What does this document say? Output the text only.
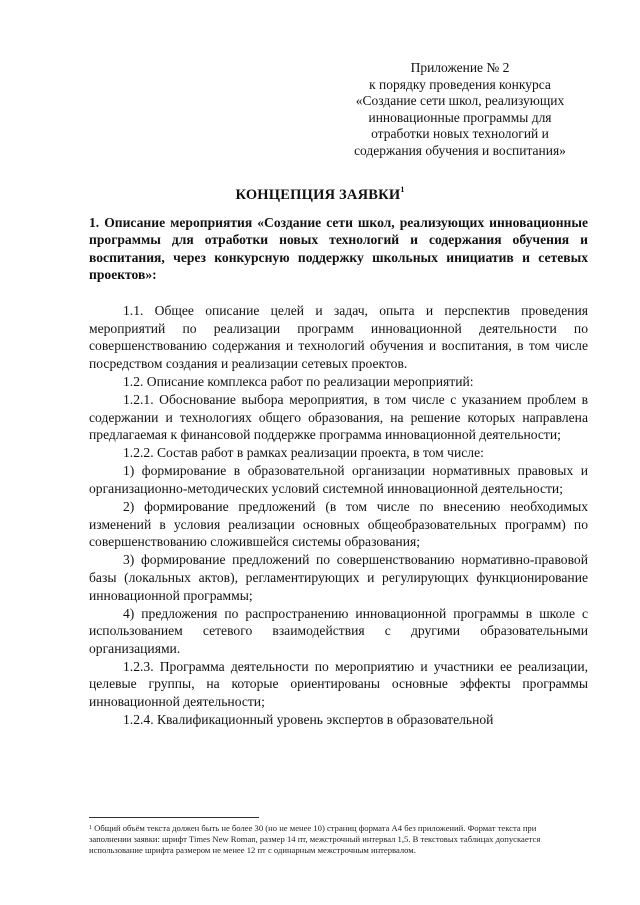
Приложение № 2
к порядку проведения конкурса
«Создание сети школ, реализующих
инновационные программы для
отработки новых технологий и
содержания обучения и воспитания»
КОНЦЕПЦИЯ ЗАЯВКИ$^1$
1. Описание мероприятия «Создание сети школ, реализующих инновационные программы для отработки новых технологий и содержания обучения и воспитания, через конкурсную поддержку школьных инициатив и сетевых проектов»:

1.1. Общее описание целей и задач, опыта и перспектив проведения мероприятий по реализации программ инновационной деятельности по совершенствованию содержания и технологий обучения и воспитания, в том числе посредством создания и реализации сетевых проектов.

1.2. Описание комплекса работ по реализации мероприятий:

1.2.1. Обоснование выбора мероприятия, в том числе с указанием проблем в содержании и технологиях общего образования, на решение которых направлена предлагаемая к финансовой поддержке программа инновационной деятельности;

1.2.2. Состав работ в рамках реализации проекта, в том числе:

1) формирование в образовательной организации нормативных правовых и организационно-методических условий системной инновационной деятельности;

2) формирование предложений (в том числе по внесению необходимых изменений в условия реализации основных общеобразовательных программ) по совершенствованию сложившейся системы образования;

3) формирование предложений по совершенствованию нормативно-правовой базы (локальных актов), регламентирующих и регулирующих функционирование инновационной программы;

4) предложения по распространению инновационной программы в школе с использованием сетевого взаимодействия с другими образовательными организациями.

1.2.3. Программа деятельности по мероприятию и участники ее реализации, целевые группы, на которые ориентированы основные эффекты программы инновационной деятельности;

1.2.4. Квалификационный уровень экспертов в образовательной

$^1$ Общий объём текста должен быть не более 30 (но не менее 10) страниц формата А4 без приложений. Формат текста при заполнении заявки: шрифт Times New Roman, размер 14 пт, межстрочный интервал 1,5. В текстовых таблицах допускается использование шрифта размером не менее 12 пт с одинарным межстрочным интервалом.
